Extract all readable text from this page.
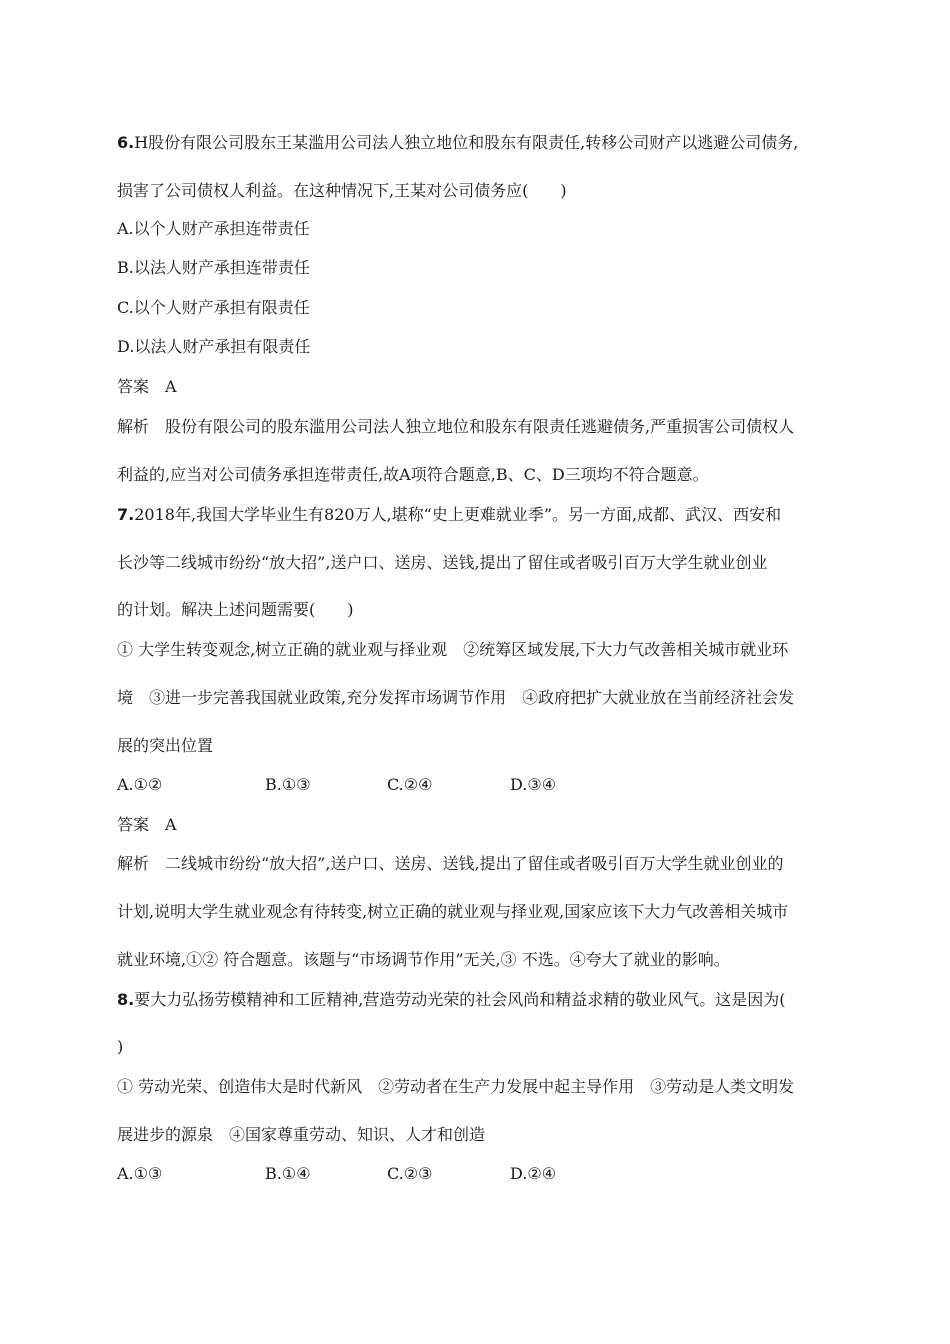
6.H股份有限公司股东王某滥用公司法人独立地位和股东有限责任,转移公司财产以逃避公司债务,
损害了公司债权人利益。在这种情况下,王某对公司债务应(　　)
A.以个人财产承担连带责任
B.以法人财产承担连带责任
C.以个人财产承担有限责任
D.以法人财产承担有限责任
答案　A
解析　股份有限公司的股东滥用公司法人独立地位和股东有限责任逃避债务,严重损害公司债权人
利益的,应当对公司债务承担连带责任,故A项符合题意,B、C、D三项均不符合题意。
7.2018年,我国大学毕业生有820万人,堪称“史上更难就业季”。另一方面,成都、武汉、西安和
长沙等二线城市纷纷“放大招”,送户口、送房、送钱,提出了留住或者吸引百万大学生就业创业
的计划。解决上述问题需要(　　)
① 大学生转变观念,树立正确的就业观与择业观　②统筹区域发展,下大力气改善相关城市就业环
境　③进一步完善我国就业政策,充分发挥市场调节作用　④政府把扩大就业放在当前经济社会发
展的突出位置
A.①②	B.①③	C.②④	D.③④
答案　A
解析　二线城市纷纷“放大招”,送户口、送房、送钱,提出了留住或者吸引百万大学生就业创业的
计划,说明大学生就业观念有待转变,树立正确的就业观与择业观,国家应该下大力气改善相关城市
就业环境,①② 符合题意。该题与“市场调节作用”无关,③ 不选。④夸大了就业的影响。
8.要大力弘扬劳模精神和工匠精神,营造劳动光荣的社会风尚和精益求精的敬业风气。这是因为(
)
① 劳动光荣、创造伟大是时代新风　②劳动者在生产力发展中起主导作用　③劳动是人类文明发
展进步的源泉　④国家尊重劳动、知识、人才和创造
A.①③	B.①④	C.②③	D.②④
